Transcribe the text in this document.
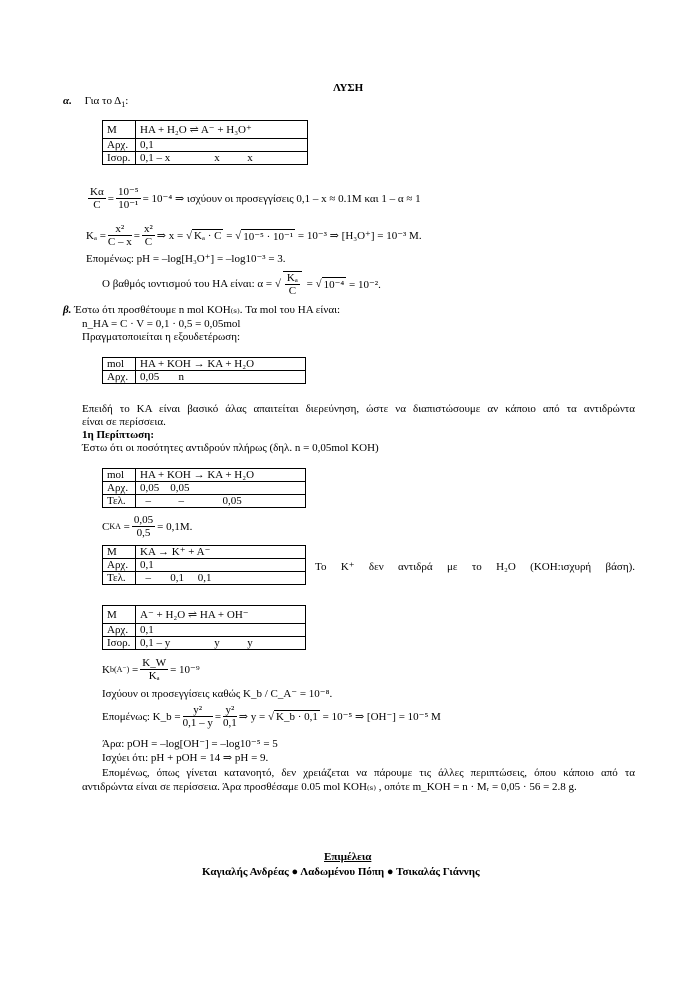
ΛΥΣΗ
α. Για το $\Delta_1$:
M	HA + H₂O ⇌ A⁻ + H₃O⁺
Αρχ.	0,1
Ισορ.	0,1 – x                x          x
$\frac{K\alpha}{C} = \frac{\text{10⁻⁵}}{\text{10⁻¹}} = 10^{-4}$ ⇒ ισχύουν οι προσεγγίσεις 0,1 – x ≈ 0.1M και 1 – α ≈ 1
$K_a = \frac{\text{x²}}{C - x} = \frac{\text{x²}}{C}$ ⇒ x = √ Kₐ · C = √ 10⁻⁵ · 10⁻¹
= 10⁻³ ⇒ [H₃O⁺] = 10⁻³ M.
Επομένως: pH = –log[H₃O⁺] = –log10⁻³ = 3.
Ο βαθμός ιοντισμού του ΗΑ είναι: α = √ $\frac{\text{Kₐ}}{C}$ = √ 10⁻⁴
= 10⁻².
β. Έστω ότι προσθέτουμε n mol KOH₍ₛ₎. Τα mol του ΗΑ είναι:
n_HA = C · V = 0,1 · 0,5 = 0,05mol
Πραγματοποιείται η εξουδετέρωση:
mol	HA + KOH → KA + H₂O
Αρχ.	0,05       n
Επειδή το ΚΑ είναι βασικό άλας απαιτείται διερεύνηση, ώστε να διαπιστώσουμε αν κάποιο από τα αντιδρώντα
είναι σε περίσσεια.
1η Περίπτωση:
Έστω ότι οι ποσότητες αντιδρούν πλήρως (δηλ. n = 0,05mol KOH)
mol	HA + KOH → KA + H₂O
Αρχ.	0,05    0,05
Τελ.	–          –              0,05
C KA = $\frac{0,05}{0,5} = 0,1M$.
M	KA → K⁺ + A⁻
Αρχ.	0,1
Τελ.	–       0,1     0,1
Το K⁺ δεν αντιδρά με το H₂O (KOH:ισχυρή βάση).
M	A⁻ + H₂O ⇌ HA + OH⁻
Αρχ.	0,1
Ισορ.	0,1 – y                y          y
K $b(A^-) = \frac{K\_W}{\text{Kₐ}} = 10^{-9}$
Ισχύουν οι προσεγγίσεις καθώς K_b / C_A⁻ = 10⁻⁸.
Επομένως: K_b = $\frac{\text{y²}}{0,1 - y} = \frac{\text{y²}}{0,1}$ ⇒ y = √ K_b · 0,1
= 10⁻⁵ ⇒ [OH⁻] = 10⁻⁵ M
Άρα: pOH = –log[OH⁻] = –log10⁻⁵ = 5
Ισχύει ότι: pH + pOH = 14 ⇒ pH = 9.
Επομένως, όπως γίνεται κατανοητό, δεν χρειάζεται να πάρουμε τις άλλες περιπτώσεις, όπου κάποιο από τα
αντιδρώντα είναι σε περίσσεια. Άρα προσθέσαμε 0.05 mol KOH₍ₛ₎ , οπότε m_KOH = n · Mᵣ = 0,05 · 56 = 2.8 g.
Επιμέλεια
Καγιαλής Ανδρέας ● Λαδωμένου Πόπη ● Τσικαλάς Γιάννης
